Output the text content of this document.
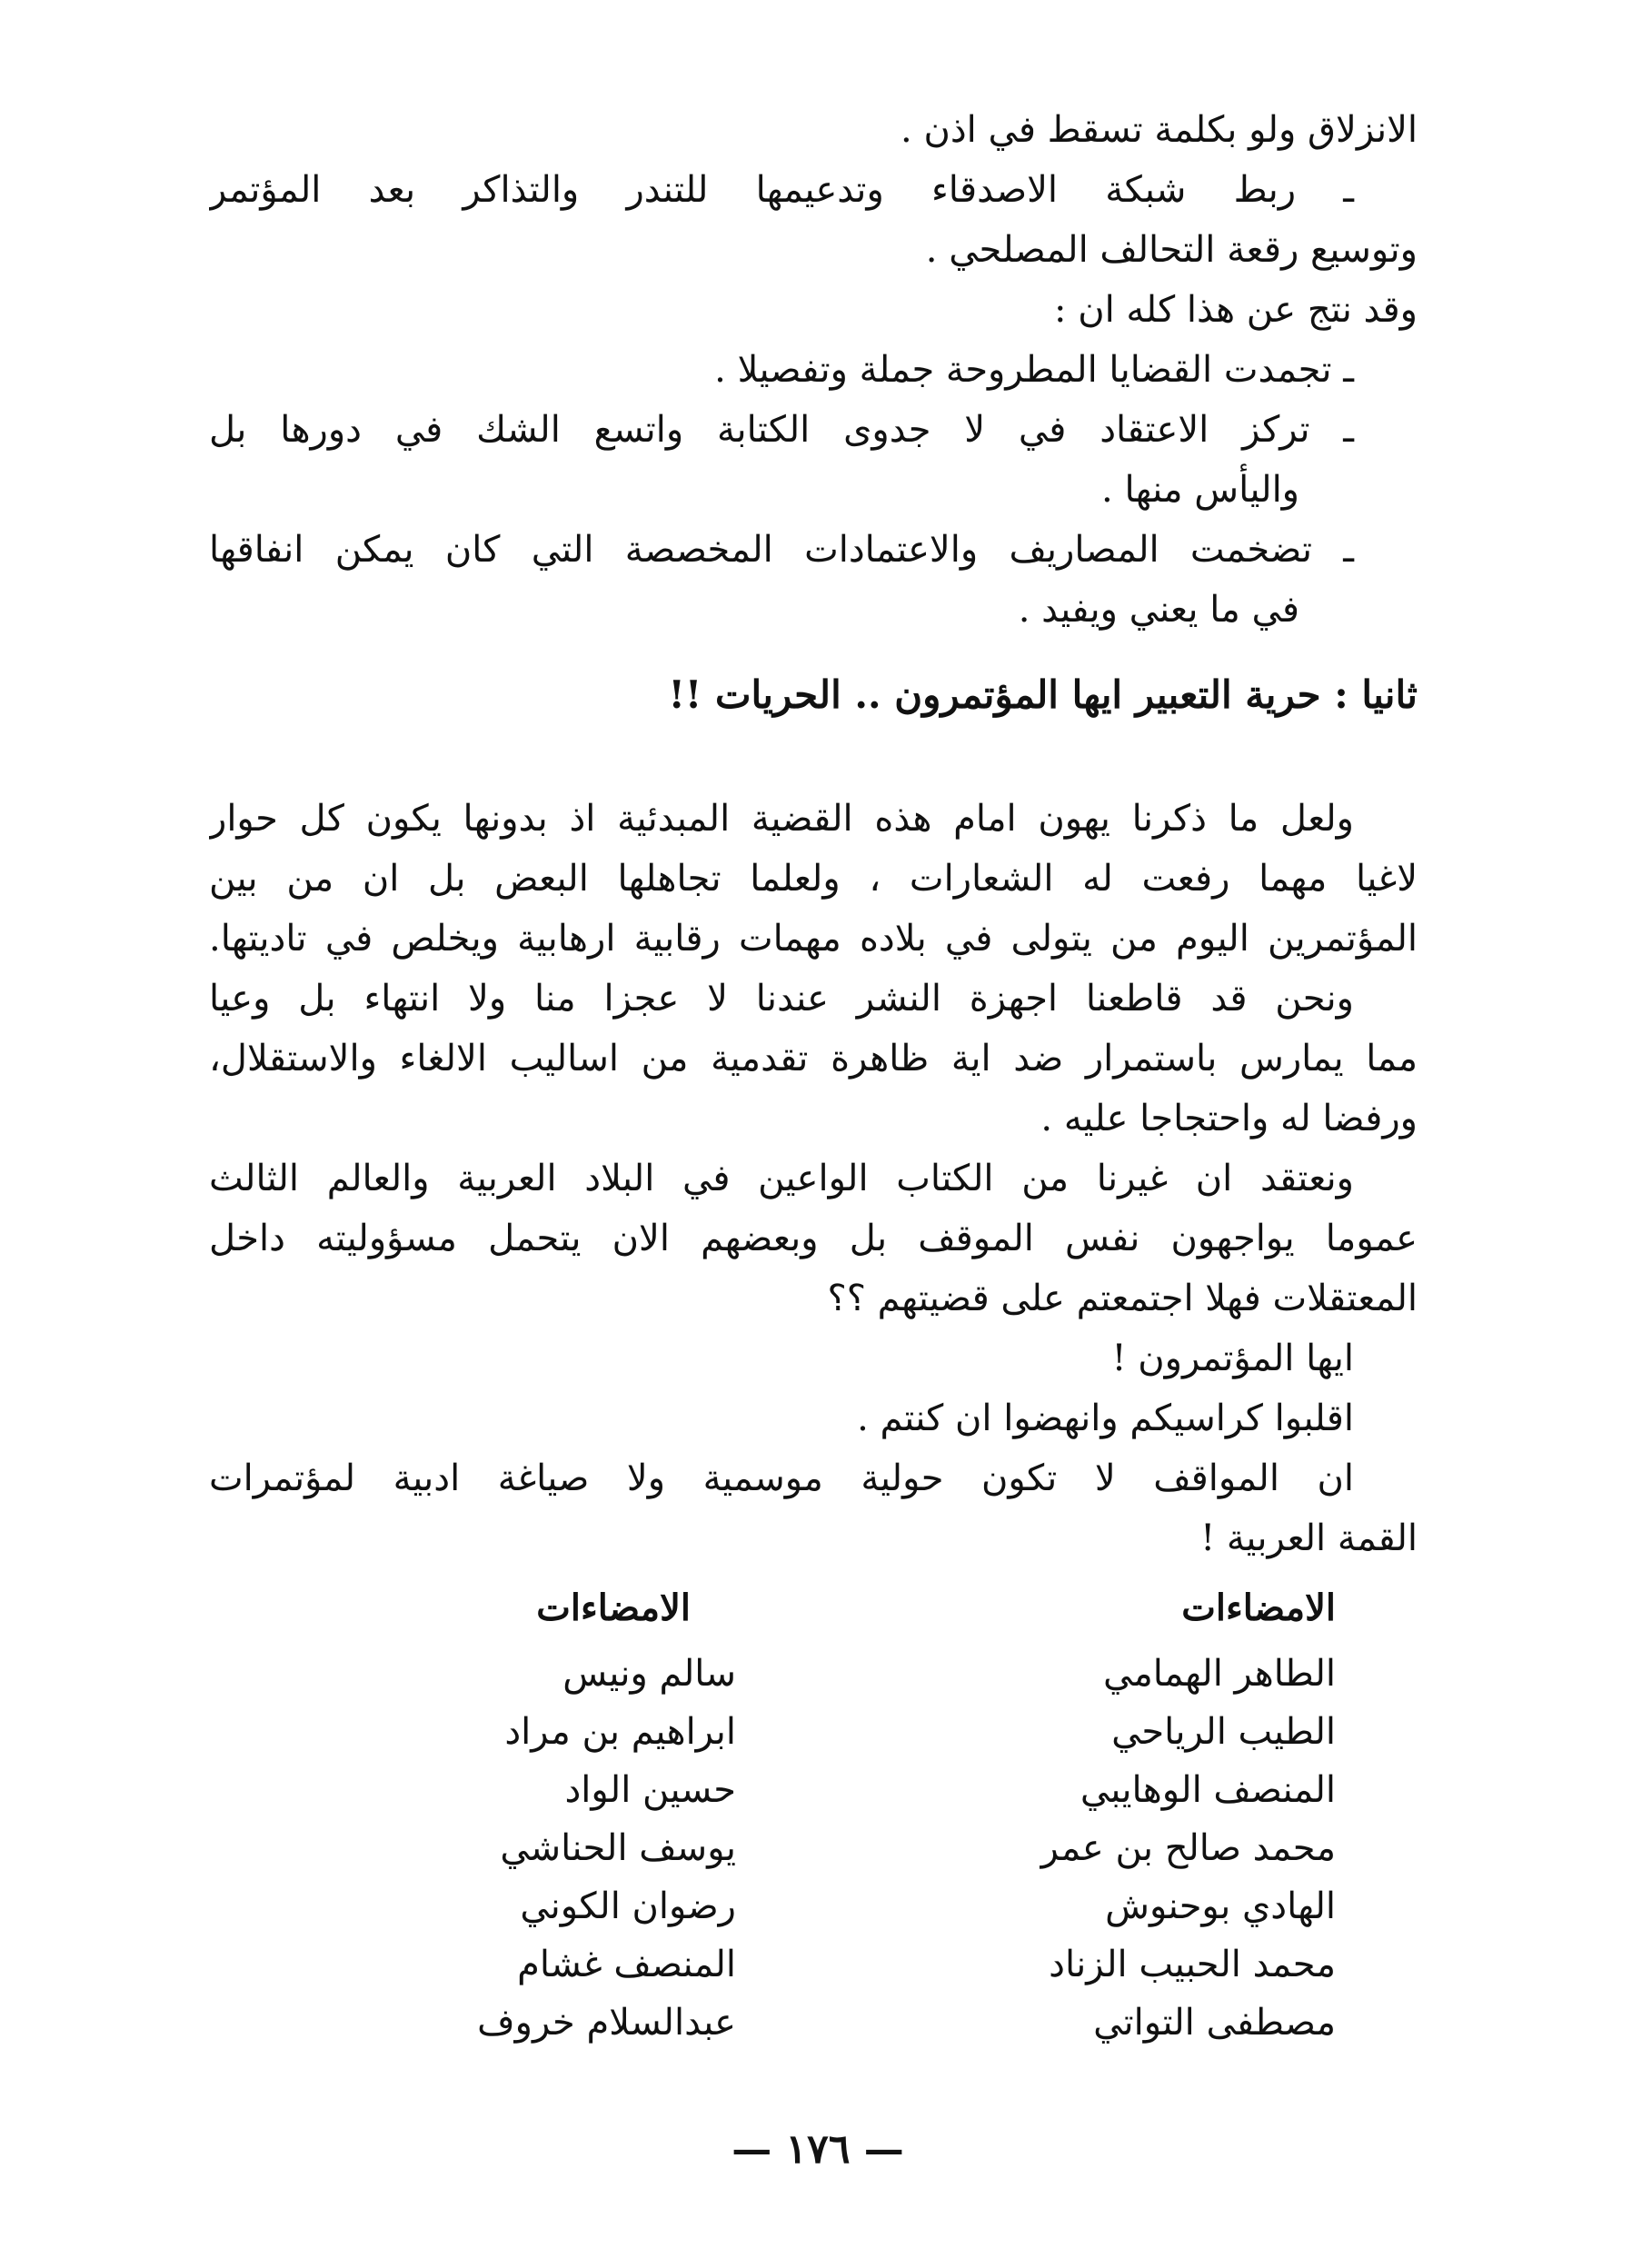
الانزلاق ولو بكلمة تسقط في اذن .
ـ ربط شبكة الاصدقاء وتدعيمها للتندر والتذاكر بعد المؤتمر
وتوسيع رقعة التحالف المصلحي .
وقد نتج عن هذا كله ان :
ـ تجمدت القضايا المطروحة جملة وتفصيلا .
ـ تركز الاعتقاد في لا جدوى الكتابة واتسع الشك في دورها بل
واليأس منها .
ـ تضخمت المصاريف والاعتمادات المخصصة التي كان يمكن انفاقها
في ما يعني ويفيد .
ثانيا : حرية التعبير ايها المؤتمرون .. الحريات !!
ولعل ما ذكرنا يهون امام هذه القضية المبدئية اذ بدونها يكون كل حوار
لاغيا مهما رفعت له الشعارات ، ولعلما تجاهلها البعض بل ان من بين
المؤتمرين اليوم من يتولى في بلاده مهمات رقابية ارهابية ويخلص في تاديتها.
ونحن قد قاطعنا اجهزة النشر عندنا لا عجزا منا ولا انتهاء بل وعيا
مما يمارس باستمرار ضد اية ظاهرة تقدمية من اساليب الالغاء والاستقلال،
ورفضا له واحتجاجا عليه .
ونعتقد ان غيرنا من الكتاب الواعين في البلاد العربية والعالم الثالث
عموما يواجهون نفس الموقف بل وبعضهم الان يتحمل مسؤوليته داخل
المعتقلات فهلا اجتمعتم على قضيتهم ؟؟
ايها المؤتمرون !
اقلبوا كراسيكم وانهضوا ان كنتم .
ان المواقف لا تكون حولية موسمية ولا صياغة ادبية لمؤتمرات
القمة العربية !
الامضاءات
الامضاءات
الطاهر الهمامي
الطيب الرياحي
المنصف الوهايبي
محمد صالح بن عمر
الهادي بوحنوش
محمد الحبيب الزناد
مصطفى التواتي
سالم ونيس
ابراهيم بن مراد
حسين الواد
يوسف الحناشي
رضوان الكوني
المنصف غشام
عبدالسلام خروف
— ١٧٦ —
